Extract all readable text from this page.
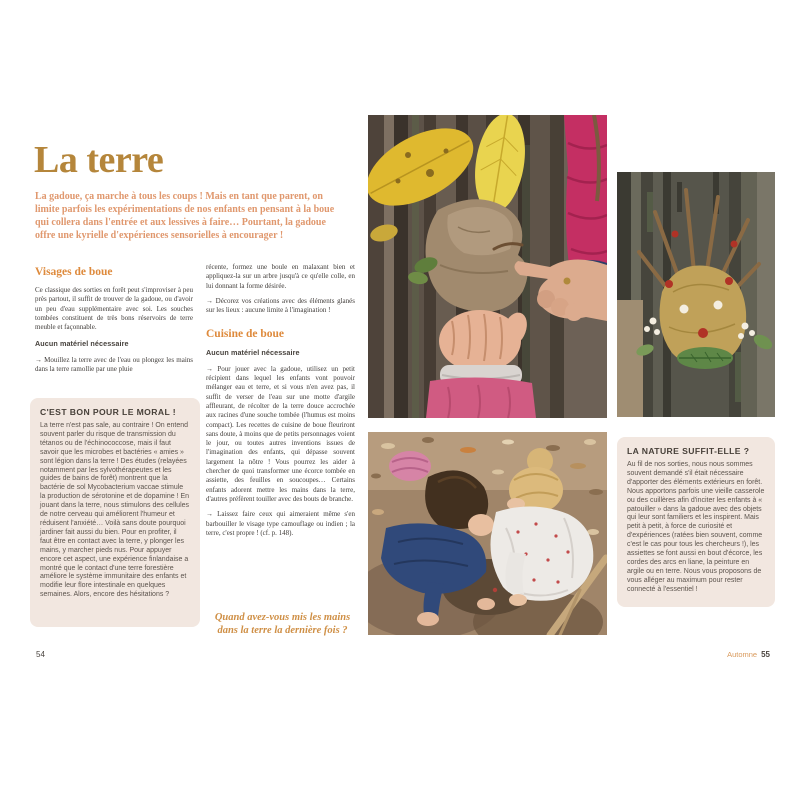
La terre

La gadoue, ça marche à tous les coups ! Mais en tant que parent, on limite parfois les expérimentations de nos enfants en pensant à la boue qui collera dans l'entrée et aux lessives à faire… Pourtant, la gadoue offre une kyrielle d'expériences sensorielles à encourager !

Visages de boue

Ce classique des sorties en forêt peut s'improviser à peu près partout, il suffit de trouver de la gadoue, ou d'avoir un peu d'eau supplémentaire avec soi. Les souches tombées constituent de très bons réservoirs de terre meuble et façonnable.

Aucun matériel nécessaire

→ Mouillez la terre avec de l'eau ou plongez les mains dans la terre ramollie par une pluie

C'EST BON POUR LE MORAL !

La terre n'est pas sale, au contraire ! On entend souvent parler du risque de transmission du tétanos ou de l'échinococcose, mais il faut savoir que les microbes et bactéries « amies » sont légion dans la terre ! Des études (relayées notamment par les sylvothérapeutes et les guides de bains de forêt) montrent que la bactérie de sol Mycobacterium vaccae stimule la production de sérotonine et de dopamine ! En jouant dans la terre, nous stimulons des cellules de notre cerveau qui améliorent l'humeur et réduisent l'anxiété… Voilà sans doute pourquoi jardiner fait aussi du bien. Pour en profiter, il faut être en contact avec la terre, y plonger les mains, y marcher pieds nus. Pour appuyer encore cet aspect, une expérience finlandaise a montré que le contact d'une terre forestière améliore le système immunitaire des enfants et modifie leur flore intestinale en quelques semaines. Alors, encore des hésitations ?

récente, formez une boule en malaxant bien et appliquez-la sur un arbre jusqu'à ce qu'elle colle, en lui donnant la forme désirée.

→ Décorez vos créations avec des éléments glanés sur les lieux : aucune limite à l'imagination !

Cuisine de boue

Aucun matériel nécessaire

→ Pour jouer avec la gadoue, utilisez un petit récipient dans lequel les enfants vont pouvoir mélanger eau et terre, et si vous n'en avez pas, il suffit de verser de l'eau sur une motte d'argile affleurant, de récolter de la terre douce accrochée aux racines d'une souche tombée (l'humus est moins compact). Les recettes de cuisine de boue fleuriront sans doute, à moins que de petits personnages voient le jour, ou toutes autres inventions issues de l'imagination des enfants, qui dépasse souvent largement la nôtre ! Vous pourrez les aider à chercher de quoi transformer une écorce tombée en assiette, des feuilles en soucoupes… Certains enfants adorent mettre les mains dans la terre, d'autres préfèrent touiller avec des bouts de branche.

→ Laissez faire ceux qui aimeraient même s'en barbouiller le visage type camouflage ou indien ; la terre, c'est propre ! (cf. p. 148).

Quand avez-vous mis les mains
dans la terre la dernière fois ?

54
LA NATURE SUFFIT-ELLE ?

Au fil de nos sorties, nous nous sommes souvent demandé s'il était nécessaire d'apporter des éléments extérieurs en forêt. Nous apportons parfois une vieille casserole ou des cuillères afin d'inciter les enfants à « patouiller » dans la gadoue avec des objets qui leur sont familiers et les inspirent. Mais petit à petit, à force de curiosité et d'expériences (ratées bien souvent, comme c'est le cas pour tous les chercheurs !), les assiettes se font aussi en bout d'écorce, les cordes des arcs en liane, la peinture en argile ou en terre. Nous vous proposons de vous alléger au maximum pour rester connecté à l'essentiel !

Automne 55
